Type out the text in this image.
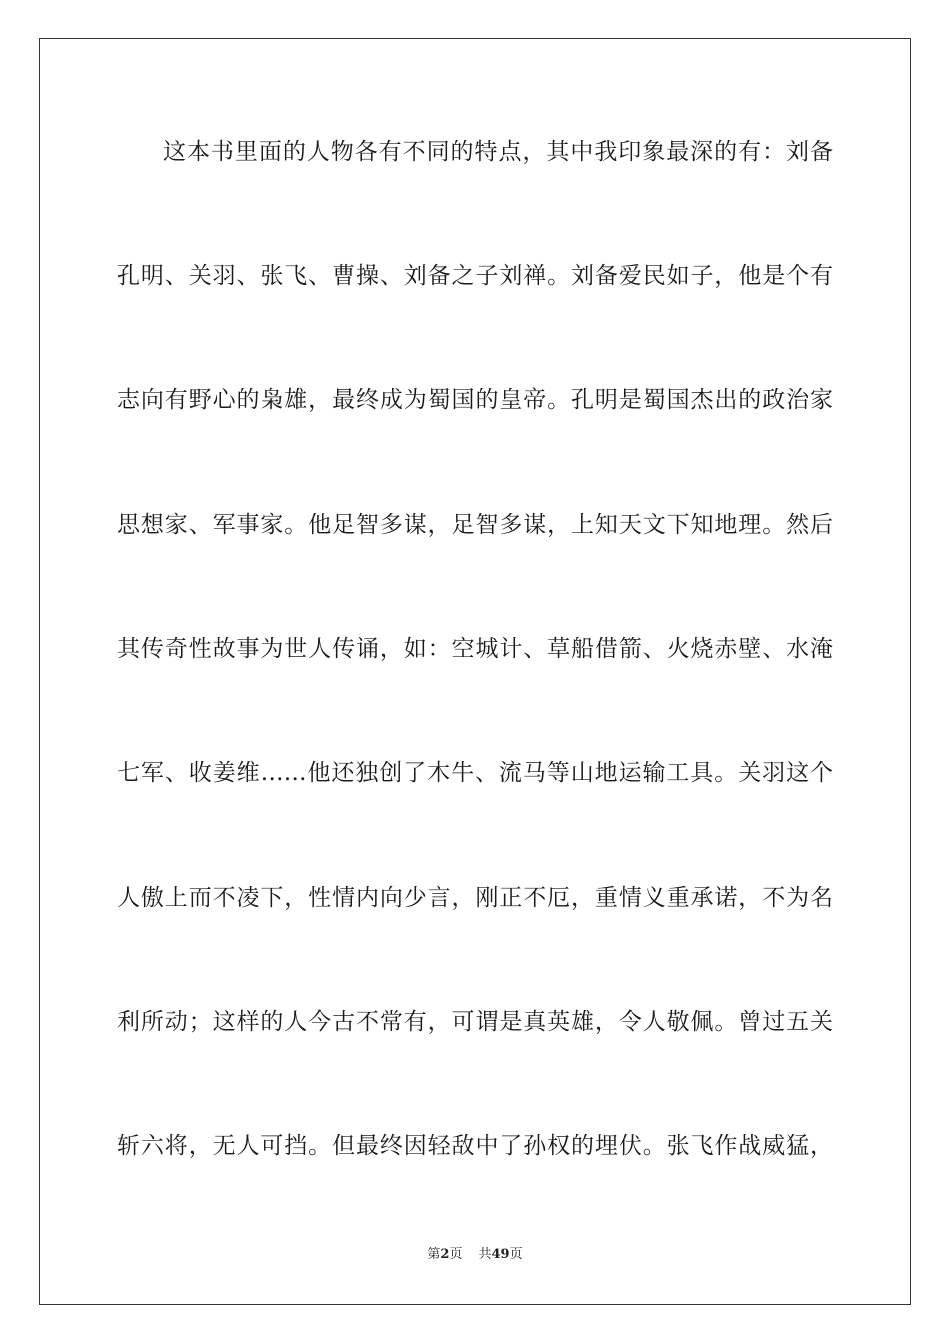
这本书里面的人物各有不同的特点，其中我印象最深的有：刘备
孔明、关羽、张飞、曹操、刘备之子刘禅。刘备爱民如子，他是个有
志向有野心的枭雄，最终成为蜀国的皇帝。孔明是蜀国杰出的政治家
思想家、军事家。他足智多谋，足智多谋，上知天文下知地理。然后
其传奇性故事为世人传诵，如：空城计、草船借箭、火烧赤壁、水淹
七军、收姜维……他还独创了木牛、流马等山地运输工具。关羽这个
人傲上而不凌下，性情内向少言，刚正不厄，重情义重承诺，不为名
利所动；这样的人今古不常有，可谓是真英雄，令人敬佩。曾过五关
斩六将，无人可挡。但最终因轻敌中了孙权的埋伏。张飞作战威猛，
第2页 共49页
